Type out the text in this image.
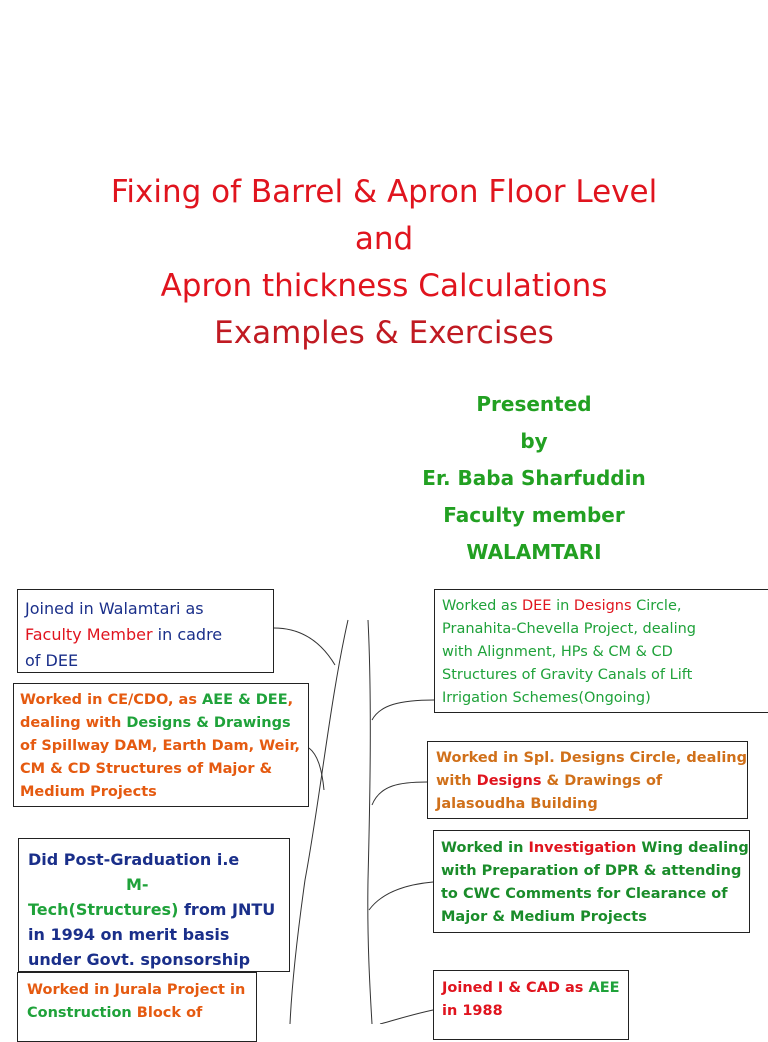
Fixing of Barrel & Apron Floor Level
and
Apron thickness Calculations
Examples & Exercises
Presented
by
Er. Baba Sharfuddin
Faculty member
WALAMTARI
Joined in Walamtari as
Faculty Member in cadre
of DEE
Worked in CE/CDO, as AEE & DEE,
dealing with Designs & Drawings
of Spillway DAM, Earth Dam, Weir,
CM & CD Structures of Major &
Medium Projects
Did Post-Graduation i.e
M-
Tech(Structures) from JNTU
in 1994 on merit basis
under Govt. sponsorship
Worked in Jurala Project in
Construction Block of
Worked as DEE in Designs Circle,
Pranahita-Chevella Project, dealing
with Alignment, HPs & CM & CD
Structures of Gravity Canals of Lift
Irrigation Schemes(Ongoing)
Worked in Spl. Designs Circle, dealing
with Designs & Drawings of
Jalasoudha Building
Worked in Investigation Wing dealing
with Preparation of DPR & attending
to CWC Comments for Clearance of
Major & Medium Projects
Joined I & CAD as AEE
in 1988
